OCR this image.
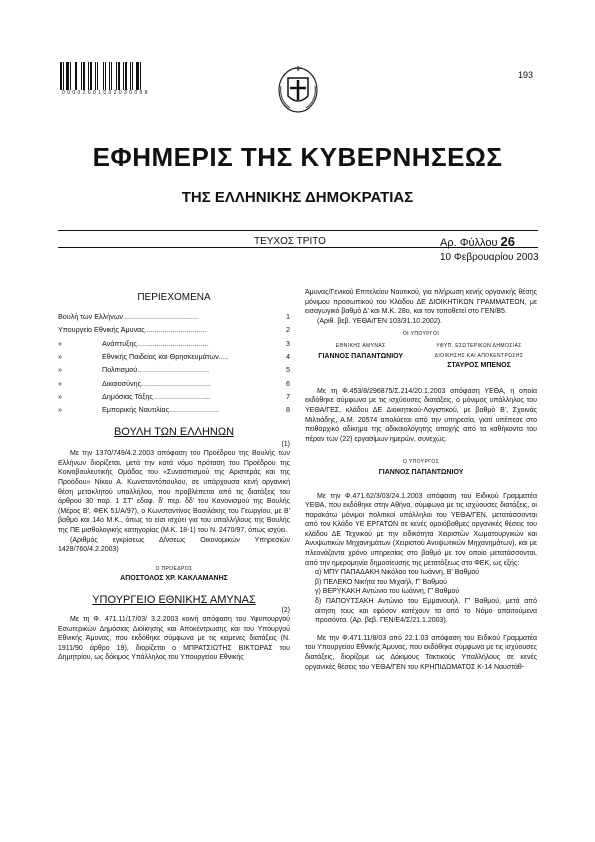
0 0 0 0 2 6 0 1 0 0 2 0 3 0 0 0 8
193
ΕΦΗΜΕΡΙΣ ΤΗΣ ΚΥΒΕΡΝΗΣΕΩΣ
ΤΗΣ ΕΛΛΗΝΙΚΗΣ ΔΗΜΟΚΡΑΤΙΑΣ
ΤΕΥΧΟΣ ΤΡΙΤΟ	Αρ. Φύλλου 26
10 Φεβρουαρίου 2003
ΠΕΡΙΕΧΟΜΕΝΑ
Βουλή των Ελλήνων ......................................	1
Υπουργείο Εθνικής Άμυνας ...............................	2
»	Ανάπτυξης ....................................	3
»	Εθνικής Παιδείας και Θρησκευμάτων .....	4
»	Πολιτισμού ....................................	5
»	Δικαιοσύνης ...................................	6
»	Δημόσιας Τάξης .............................	7
»	Εμπορικής Ναυτιλίας .........................	8
ΒΟΥΛΗ ΤΩΝ ΕΛΛΗΝΩΝ
(1)

Με την 1370/749/4.2.2003 απόφαση του Προέδρου της Βουλής των Ελλήνων διορίζεται, μετά την κατά νόμο πρόταση του Προέδρου της Κοινοβουλευτικής Ομάδας του «Συνασπισμού της Αριστεράς και της Προόδου» Νίκου Α. Κωνσταντόπουλου, σε υπάρχουσα κενή οργανική θέση μετακλητού υπαλλήλου, που προβλέπεται από τις διατάξεις του άρθρου 30 παρ. 1 ΣΤ' εδαφ. δ' περ. δδ' του Κανονισμού της Βουλής (Μέρος Β', ΦΕΚ 51/Α/97), ο Κωνσταντίνος Βασιλάκης του Γεωργίου, με Β' βαθμό και 14ο Μ.Κ., όπως το είσι ισχύει για του υπαλλήλους της Βουλής της ΠΕ μισθολογικής κατηγορίας (Μ.Κ. 18-1) του Ν. 2470/97, όπως ισχύει.

(Αριθμός εγκρίσεως Δ/νσεως Οικονομικών Υπηρεσιών 1428/760/4.2.2003)

Ο ΠΡΟΕΔΡΟΣ
ΑΠΟΣΤΟΛΟΣ ΧΡ. ΚΑΚΛΑΜΑΝΗΣ
ΥΠΟΥΡΓΕΙΟ ΕΘΝΙΚΗΣ ΑΜΥΝΑΣ
(2)

Με τη Φ. 471.11/17/03/ 3.2.2003 κοινή απόφαση του Υφυπουργού Εσωτερικών Δημόσιας Διοίκησης και Αποκέντρωσης και του Υπουργού Εθνικής Άμυνας, που εκδόθηκε σύμφωνα με τις κείμενες διατάξεις (Ν. 1911/90 άρθρο 19), διορίζεται ο ΜΠΡΑΤΣΙΩΤΗΣ ΒΙΚΤΩΡΑΣ του Δημητρίου, ως δόκιμος Υπάλληλος του Υπουργείου Εθνικής

Άμυνας/Γενικού Επιτελείου Ναυτικού, για πλήρωση κενής οργανικής θέσης μόνιμου προσωπικού του Κλάδου ΔΕ ΔΙΟΙΚΗΤΙΚΩΝ ΓΡΑΜΜΑΤΕΩΝ, με εισαγωγικό βαθμό Δ' και Μ.Κ. 28ο, και τον τοποθετεί στο ΓΕΝ/Β5.

(Αριθ. βεβ. ΥΕΘΑ/ΓΕΝ 103/31.10.2002).

ΟΙ ΥΠΟΥΡΓΟΙ
ΕΘΝΙΚΗΣ ΑΜΥΝΑΣ
ΓΙΑΝΝΟΣ ΠΑΠΑΝΤΩΝΙΟΥ
ΥΦΥΠ. ΕΣΩΤΕΡΙΚΩΝ ΔΗΜΟΣΙΑΣ ΔΙΟΙΚΗΣΗΣ ΚΑΙ ΑΠΟΚΕΝΤΡΩΣΗΣ
ΣΤΑΥΡΟΣ ΜΠΕΝΟΣ

Με τη Φ.453/8/296875/Σ.214/20.1.2003 απόφαση ΥΕΘΑ, η οποία εκδόθηκε σύμφωνα με τις ισχύουσες διατάξεις, ο μόνιμος υπάλληλος του ΥΕΘΑ/ΓΕΣ, κλάδου ΔΕ Διοικητικού-Λογιστικού, με βαθμό Β', Σχοινάς Μιλτιάδης, Α.Μ. 20574 απολύεται από την υπηρεσία, γιατί υπέπεσε στο πειθαρχικό αδίκημα της αδικαιολόγητης αποχής από τα καθήκοντα του πέραν των (22) εργασίμων ημερών, συνεχώς.

Ο ΥΠΟΥΡΓΟΣ
ΓΙΑΝΝΟΣ ΠΑΠΑΝΤΩΝΙΟΥ

Με την Φ.471.62/3/03/24.1.2003 απόφαση του Ειδικού Γραμματέα ΥΕΘΑ, που εκδόθηκε στην Αθήνα, σύμφωνα με τις ισχύουσες διατάξεις, οι παρακάτω μόνιμοι πολιτικοί υπάλληλοι του ΥΕΘΑ/ΓΕΝ, μετατάσσονται από τον Κλάδο ΥΕ ΕΡΓΑΤΩΝ σε κενές ομοιόβαθμες οργανικές θέσεις του κλάδου ΔΕ Τεχνικού με την ειδικότητα Χειριστών Χωματουργικών και Ανυψωτικών Μηχανημάτων (Χειριστού Ανυψωτικών Μηχανημάτων), και με πλεονάζοντα χρόνο υπηρεσίας στο βαθμό με τον οποίο μετατάσσονται, από την ημερομηνία δημοσίευσης της μετατάξεως στο ΦΕΚ, ως εξής:

α) ΜΠΥ ΠΑΠΑΔΑΚΗ Νικόλαο του Ιωάννη, Β' Βαθμού

β) ΠΕΛΕΚΟ Νικήτα του Μιχαήλ, Γ' Βαθμού

γ) ΒΕΡΥΚΑΚΗ Αντώνιο του Ιωάννη, Γ' Βαθμού

δ) ΠΑΠΟΥΤΣΑΚΗ Αντώνιο του Εμμανουήλ, Γ' Βαθμού, μετά από αίτηση τους και εφόσον κατέχουν τα από το Νόμο απαιτούμενα προσόντα. (Αρ. βεβ. ΓΕΝ/Ε4/Σ/21.1.2003).

Με την Φ.471.11/8/03 από 22.1.03 απόφαση του Ειδικού Γραμματέα του Υπουργείου Εθνικής Άμυνας, που εκδόθηκε σύμφωνα με τις ισχύουσες διατάξεις, διορίζομε ως Δόκιμους Τακτικούς Υπαλλήλους σε κενές οργανικές θέσεις του ΥΕΘΑ/ΓΕΝ του ΚΡΗΠΙΔΩΜΑΤΟΣ Κ-14 Ναυστάθ-
